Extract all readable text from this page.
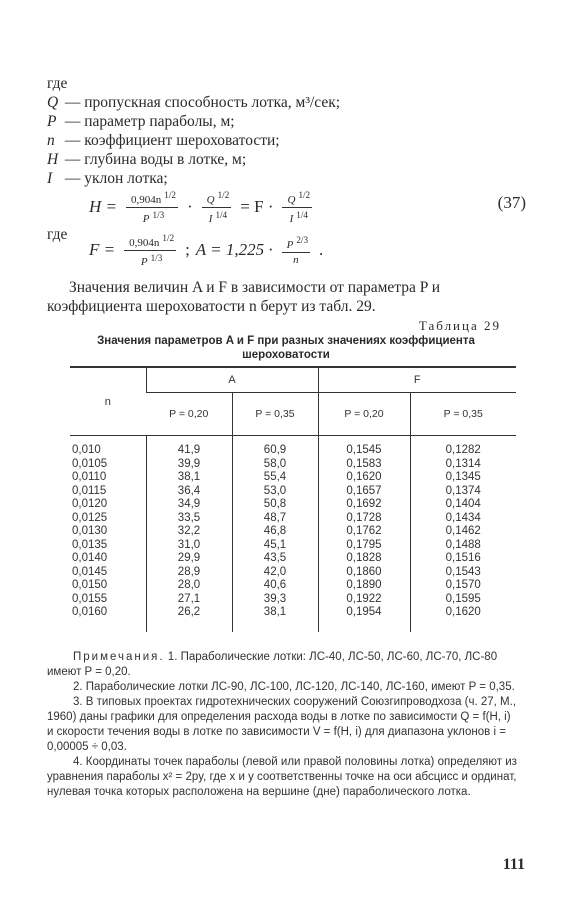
где
Q — пропускная способность лотка, м³/сек;
P — параметр параболы, м;
n — коэффициент шероховатости;
H — глубина воды в лотке, м;
I — уклон лотка;
$H = \frac{0,904n ^{1/2}}{P ^{1/3}} \cdot \frac{Q ^{1/2}}{I ^{1/4}} = F \cdot \frac{Q ^{1/2}}{I ^{1/4}}$	(37)
где
$F = \frac{0,904n ^{1/2}}{P ^{1/3}}$ ; $A = 1,225 \cdot \frac{P ^{2/3}}{n}$ .
Значения величин A и F в зависимости от параметра P и коэффициента шероховатости n берут из табл. 29.
Таблица 29
Значения параметров A и F при разных значениях коэффициента шероховатости
n	A		F	
	P = 0,20	P = 0,35	P = 0,20	P = 0,35
0,010	41,9	60,9	0,1545	0,1282
0,0105	39,9	58,0	0,1583	0,1314
0,0110	38,1	55,4	0,1620	0,1345
0,0115	36,4	53,0	0,1657	0,1374
0,0120	34,9	50,8	0,1692	0,1404
0,0125	33,5	48,7	0,1728	0,1434
0,0130	32,2	46,8	0,1762	0,1462
0,0135	31,0	45,1	0,1795	0,1488
0,0140	29,9	43,5	0,1828	0,1516
0,0145	28,9	42,0	0,1860	0,1543
0,0150	28,0	40,6	0,1890	0,1570
0,0155	27,1	39,3	0,1922	0,1595
0,0160	26,2	38,1	0,1954	0,1620

Примечания. 1. Параболические лотки: ЛС-40, ЛС-50, ЛС-60, ЛС-70, ЛС-80 имеют P = 0,20.

2. Параболические лотки ЛС-90, ЛС-100, ЛС-120, ЛС-140, ЛС-160, имеют P = 0,35.

3. В типовых проектах гидротехнических сооружений Союзгипроводхоза (ч. 27, М., 1960) даны графики для определения расхода воды в лотке по зависимости Q = f(H, i) и скорости течения воды в лотке по зависимости V = f(H, i) для диапазона уклонов i = 0,00005 ÷ 0,03.

4. Координаты точек параболы (левой или правой половины лотка) определяют из уравнения параболы x² = 2py, где x и y соответственны точке на оси абсцисс и ординат, нулевая точка которых расположена на вершине (дне) параболического лотка.

111
